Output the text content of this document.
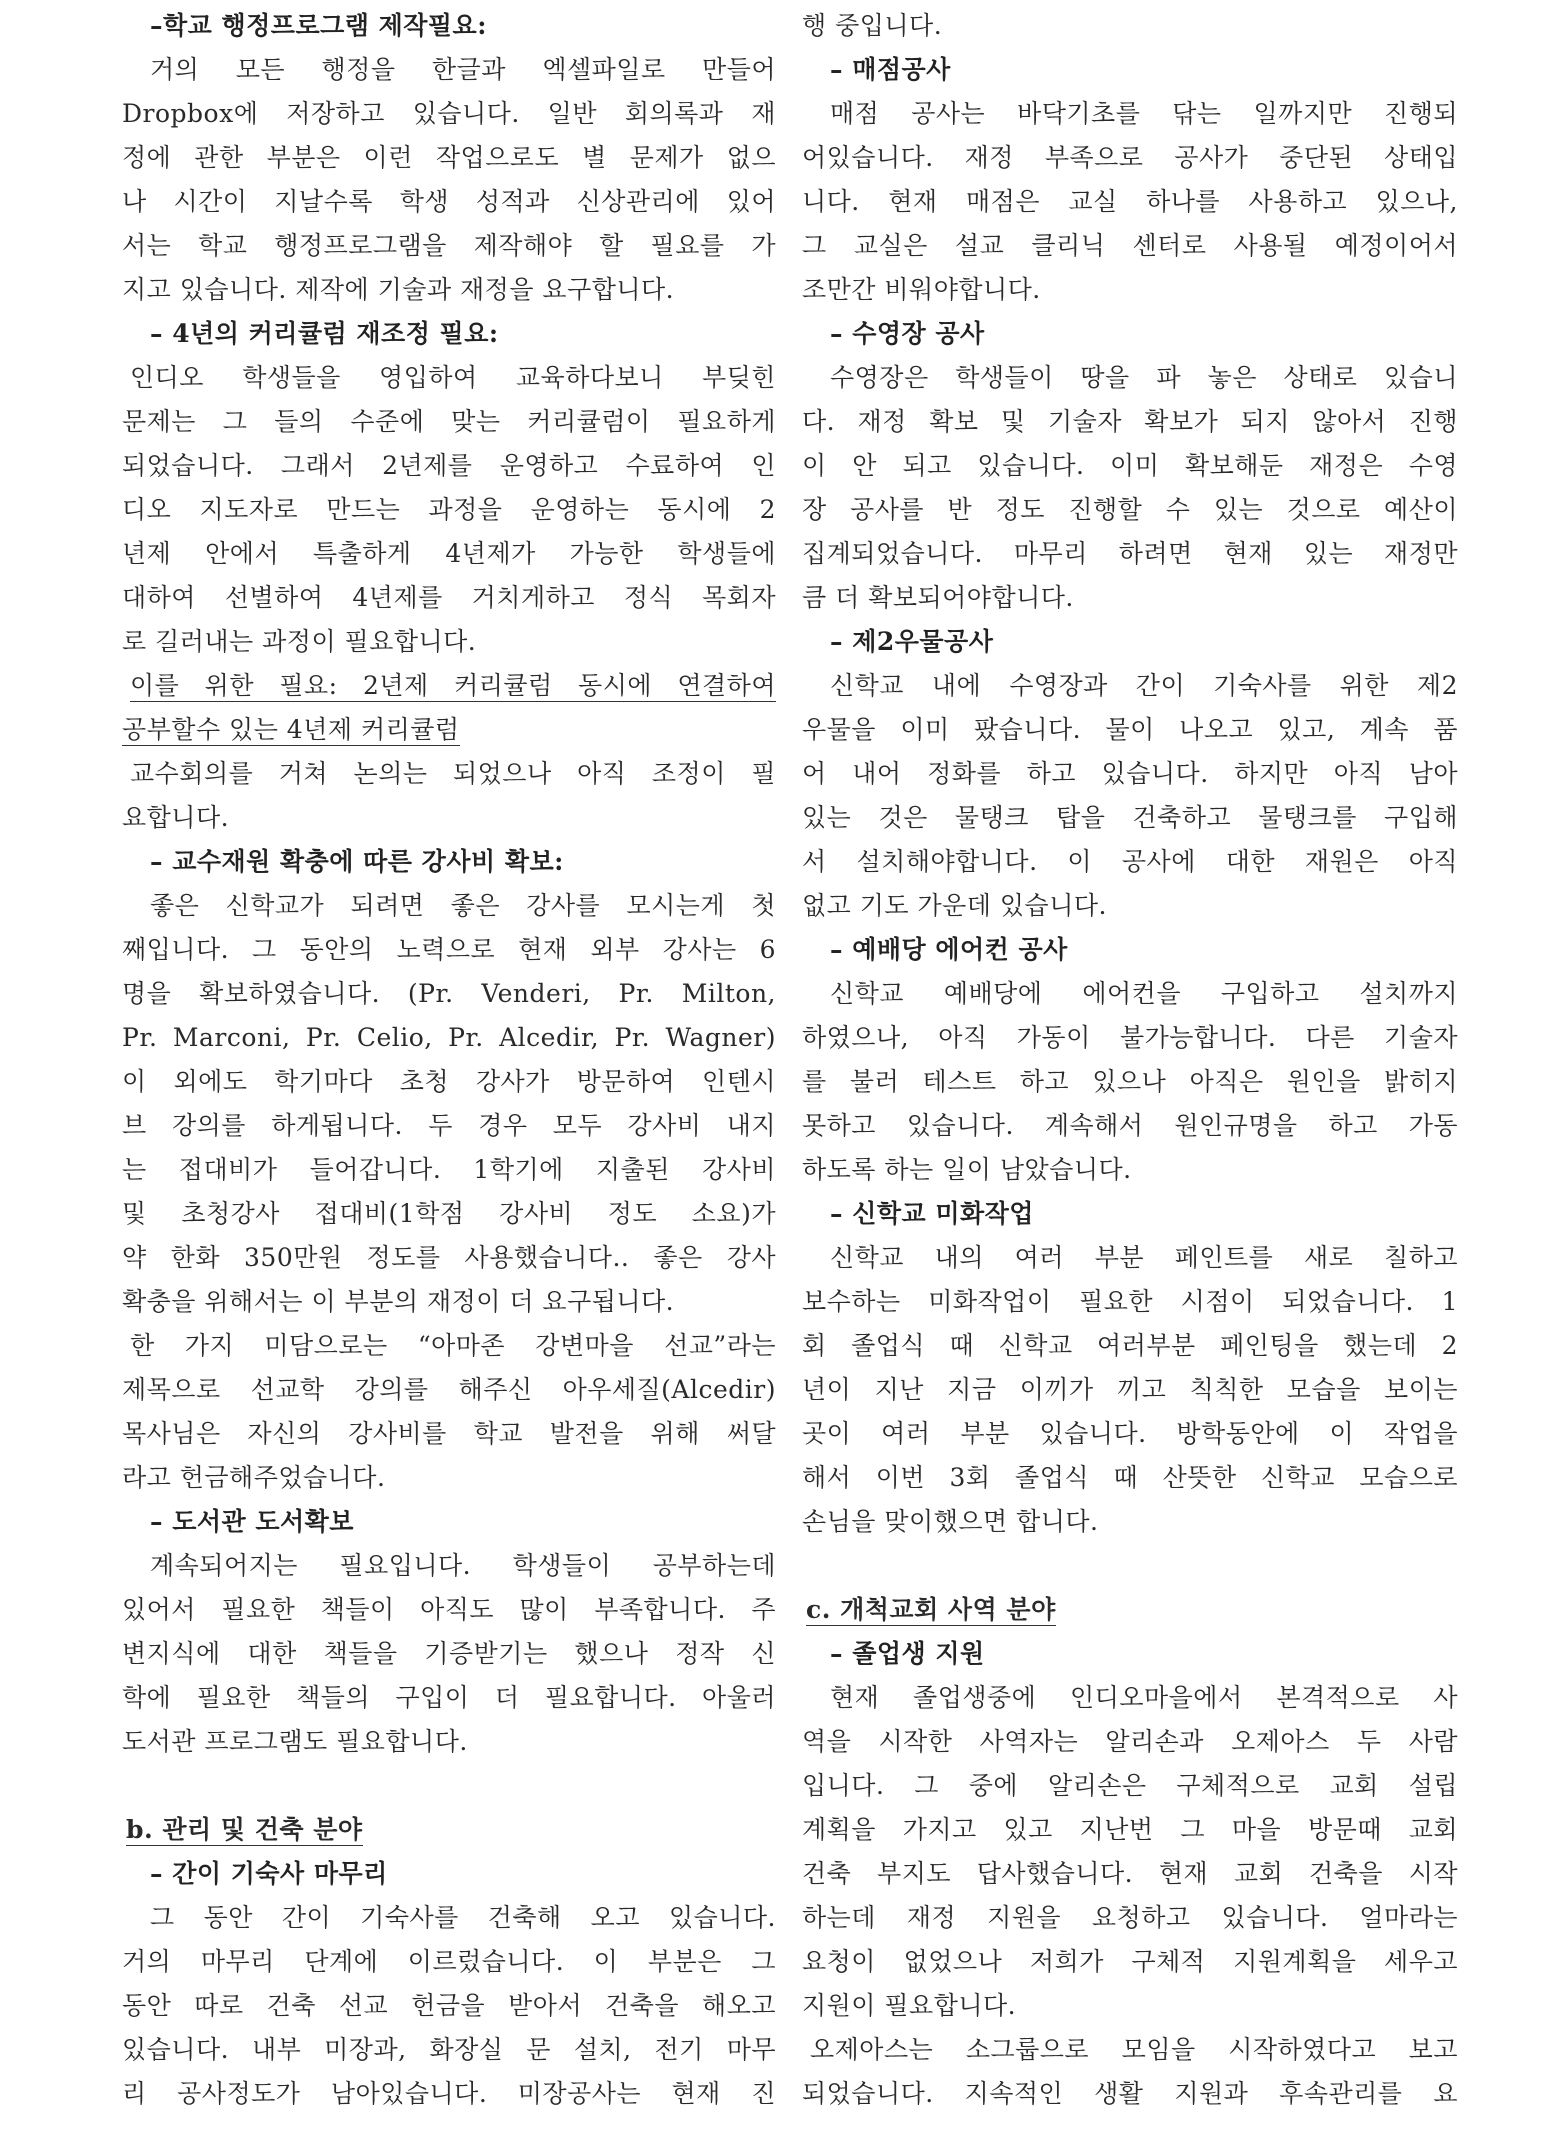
–학교 행정프로그램 제작필요:
거의 모든 행정을 한글과 엑셀파일로 만들어
Dropbox에 저장하고 있습니다. 일반 회의록과 재
정에 관한 부분은 이런 작업으로도 별 문제가 없으
나 시간이 지날수록 학생 성적과 신상관리에 있어
서는 학교 행정프로그램을 제작해야 할 필요를 가
지고 있습니다. 제작에 기술과 재정을 요구합니다.
– 4년의 커리큘럼 재조정 필요:
인디오 학생들을 영입하여 교육하다보니 부딪힌
문제는 그 들의 수준에 맞는 커리큘럼이 필요하게
되었습니다. 그래서 2년제를 운영하고 수료하여 인
디오 지도자로 만드는 과정을 운영하는 동시에 2
년제 안에서 특출하게 4년제가 가능한 학생들에
대하여 선별하여 4년제를 거치게하고 정식 목회자
로 길러내는 과정이 필요합니다.
이를 위한 필요: 2년제 커리큘럼 동시에 연결하여
공부할수 있는 4년제 커리큘럼
교수회의를 거쳐 논의는 되었으나 아직 조정이 필
요합니다.
– 교수재원 확충에 따른 강사비 확보:
좋은 신학교가 되려면 좋은 강사를 모시는게 첫
째입니다. 그 동안의 노력으로 현재 외부 강사는 6
명을 확보하였습니다. (Pr. Venderi, Pr. Milton,
Pr. Marconi, Pr. Celio, Pr. Alcedir, Pr. Wagner)
이 외에도 학기마다 초청 강사가 방문하여 인텐시
브 강의를 하게됩니다. 두 경우 모두 강사비 내지
는 접대비가 들어갑니다. 1학기에 지출된 강사비
및 초청강사 접대비(1학점 강사비 정도 소요)가
약 한화 350만원 정도를 사용했습니다.. 좋은 강사
확충을 위해서는 이 부분의 재정이 더 요구됩니다.
한 가지 미담으로는 “아마존 강변마을 선교”라는
제목으로 선교학 강의를 해주신 아우세질(Alcedir)
목사님은 자신의 강사비를 학교 발전을 위해 써달
라고 헌금해주었습니다.
– 도서관 도서확보
계속되어지는 필요입니다. 학생들이 공부하는데
있어서 필요한 책들이 아직도 많이 부족합니다. 주
변지식에 대한 책들을 기증받기는 했으나 정작 신
학에 필요한 책들의 구입이 더 필요합니다. 아울러
도서관 프로그램도 필요합니다.
b. 관리 및 건축 분야
– 간이 기숙사 마무리
그 동안 간이 기숙사를 건축해 오고 있습니다.
거의 마무리 단계에 이르렀습니다. 이 부분은 그
동안 따로 건축 선교 헌금을 받아서 건축을 해오고
있습니다. 내부 미장과, 화장실 문 설치, 전기 마무
리 공사정도가 남아있습니다. 미장공사는 현재 진
행 중입니다.
– 매점공사
매점 공사는 바닥기초를 닦는 일까지만 진행되
어있습니다. 재정 부족으로 공사가 중단된 상태입
니다. 현재 매점은 교실 하나를 사용하고 있으나,
그 교실은 설교 클리닉 센터로 사용될 예정이어서
조만간 비워야합니다.
– 수영장 공사
수영장은 학생들이 땅을 파 놓은 상태로 있습니
다. 재정 확보 및 기술자 확보가 되지 않아서 진행
이 안 되고 있습니다. 이미 확보해둔 재정은 수영
장 공사를 반 정도 진행할 수 있는 것으로 예산이
집계되었습니다. 마무리 하려면 현재 있는 재정만
큼 더 확보되어야합니다.
– 제2우물공사
신학교 내에 수영장과 간이 기숙사를 위한 제2
우물을 이미 팠습니다. 물이 나오고 있고, 계속 품
어 내어 정화를 하고 있습니다. 하지만 아직 남아
있는 것은 물탱크 탑을 건축하고 물탱크를 구입해
서 설치해야합니다. 이 공사에 대한 재원은 아직
없고 기도 가운데 있습니다.
– 예배당 에어컨 공사
신학교 예배당에 에어컨을 구입하고 설치까지
하였으나, 아직 가동이 불가능합니다. 다른 기술자
를 불러 테스트 하고 있으나 아직은 원인을 밝히지
못하고 있습니다. 계속해서 원인규명을 하고 가동
하도록 하는 일이 남았습니다.
– 신학교 미화작업
신학교 내의 여러 부분 페인트를 새로 칠하고
보수하는 미화작업이 필요한 시점이 되었습니다. 1
회 졸업식 때 신학교 여러부분 페인팅을 했는데 2
년이 지난 지금 이끼가 끼고 칙칙한 모습을 보이는
곳이 여러 부분 있습니다. 방학동안에 이 작업을
해서 이번 3회 졸업식 때 산뜻한 신학교 모습으로
손님을 맞이했으면 합니다.
c. 개척교회 사역 분야
– 졸업생 지원
현재 졸업생중에 인디오마을에서 본격적으로 사
역을 시작한 사역자는 알리손과 오제아스 두 사람
입니다. 그 중에 알리손은 구체적으로 교회 설립
계획을 가지고 있고 지난번 그 마을 방문때 교회
건축 부지도 답사했습니다. 현재 교회 건축을 시작
하는데 재정 지원을 요청하고 있습니다. 얼마라는
요청이 없었으나 저희가 구체적 지원계획을 세우고
지원이 필요합니다.
오제아스는 소그룹으로 모임을 시작하였다고 보고
되었습니다. 지속적인 생활 지원과 후속관리를 요
